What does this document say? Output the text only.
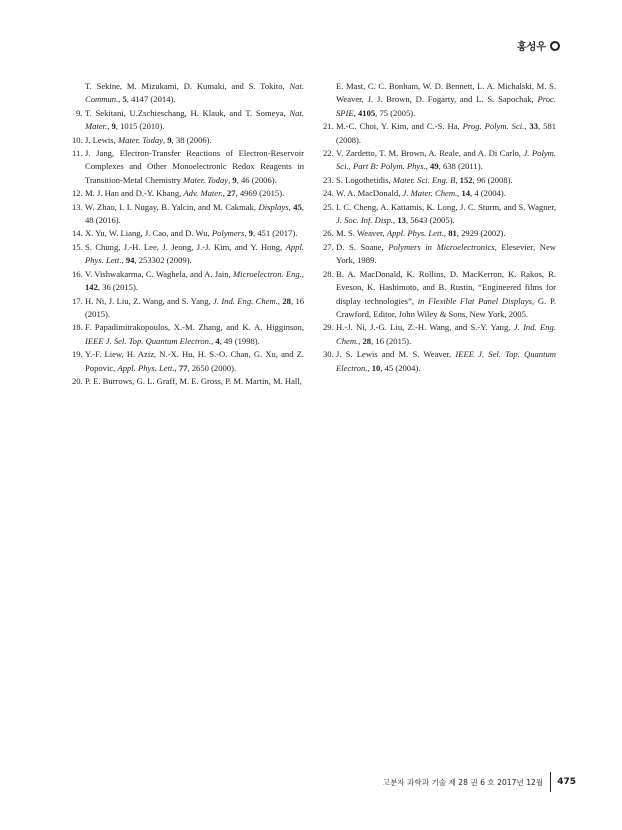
홍성우
T. Sekine, M. Mizukami, D. Kumaki, and S. Tokito, Nat. Commun., 5, 4147 (2014).
9. T. Sekitani, U.Zschieschang, H. Klauk, and T. Someya, Nat. Mater., 9, 1015 (2010).
10. J. Lewis, Mater. Today, 9, 38 (2006).
11. J. Jang, Electron-Transfer Reactions of Electron-Reservoir Complexes and Other Monoelectronic Redox Reagents in Transition-Metal Chemistry Mater. Today, 9, 46 (2006).
12. M. J. Han and D.-Y. Khang, Adv. Mater., 27, 4969 (2015).
13. W. Zhao, I. I. Nugay, B. Yalcin, and M. Cakmak, Displays, 45, 48 (2016).
14. X. Yu, W. Liang, J. Cao, and D. Wu, Polymers, 9, 451 (2017).
15. S. Chung, J.-H. Lee, J. Jeong, J.-J. Kim, and Y. Hong, Appl. Phys. Lett., 94, 253302 (2009).
16. V. Vishwakarma, C. Waghela, and A. Jain, Microelectron. Eng., 142, 36 (2015).
17. H. Ni, J. Liu, Z. Wang, and S. Yang, J. Ind. Eng. Chem., 28, 16 (2015).
18. F. Papadimitrakopoulos, X.-M. Zhang, and K. A. Higginson, IEEE J. Sel. Top. Quantum Electron., 4, 49 (1998).
19. Y.-F. Liew, H. Aziz, N.-X. Hu, H. S.-O. Chan, G. Xu, and Z. Popovic, Appl. Phys. Lett., 77, 2650 (2000).
20. P. E. Burrows, G. L. Graff, M. E. Gross, P. M. Martin, M. Hall,
E. Mast, C. C. Bonham, W. D. Bennett, L. A. Michalski, M. S. Weaver, J. J. Brown, D. Fogarty, and L. S. Sapochak, Proc. SPIE, 4105, 75 (2005).
21. M.-C. Choi, Y. Kim, and C.-S. Ha, Prog. Polym. Sci., 33, 581 (2008).
22. V. Zardetto, T. M. Brown, A. Reale, and A. Di Carlo, J. Polym. Sci., Part B: Polym. Phys., 49, 638 (2011).
23. S. Logothetidis, Mater. Sci. Eng. B, 152, 96 (2008).
24. W. A. MacDonald, J. Mater. Chem., 14, 4 (2004).
25. I. C. Cheng, A. Kattamis, K. Long, J. C. Sturm, and S. Wagner, J. Soc. Inf. Disp., 13, 5643 (2005).
26. M. S. Weaver, Appl. Phys. Lett., 81, 2929 (2002).
27. D. S. Soane, Polymers in Microelectronics, Elesevier, New York, 1989.
28. B. A. MacDonald, K. Rollins, D. MacKerron, K. Rakos, R. Eveson, K. Hashimoto, and B. Rustin, “Engineered films for display technologies”, in Flexible Flat Panel Displays, G. P. Crawford, Editor, John Wiley & Sons, New York, 2005.
29. H.-J. Ni, J.-G. Liu, Z.-H. Wang, and S.-Y. Yang, J. Ind. Eng. Chem., 28, 16 (2015).
30. J. S. Lewis and M. S. Weaver, IEEE J. Sel. Top. Quantum Electron., 10, 45 (2004).
고분자 과학과 기술 제 28 권 6 호 2017년 12월 475
